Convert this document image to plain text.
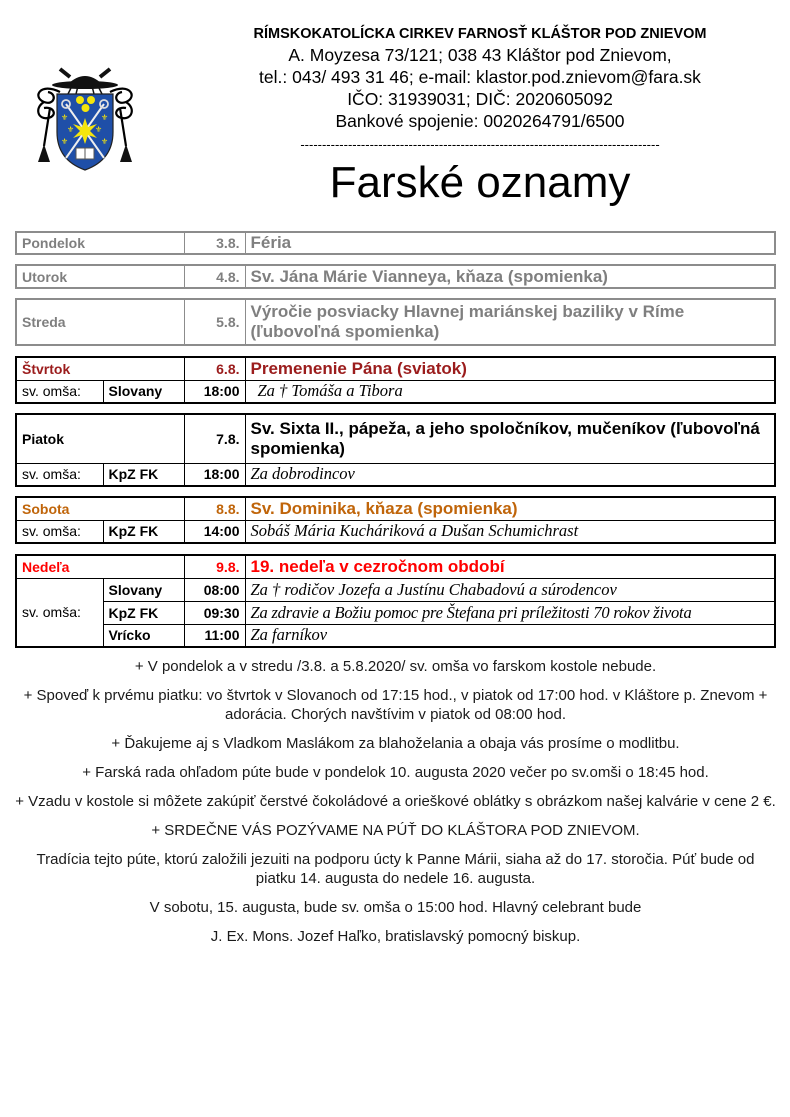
⚜
⚜
⚜
⚜
⚜
⚜
RÍMSKOKATOLÍCKA CIRKEV FARNOSŤ KLÁŠTOR POD ZNIEVOM
A. Moyzesa 73/121; 038 43 Kláštor pod Znievom,
tel.: 043/ 493 31 46; e-mail: klastor.pod.znievom@fara.sk
IČO: 31939031; DIČ: 2020605092
Bankové spojenie: 0020264791/6500
-----------------------------------------------------------------------------------
Farské oznamy
Pondelok	3.8.	Féria
Utorok	4.8.	Sv. Jána Márie Vianneya, kňaza (spomienka)
Streda	5.8.	Výročie posviacky Hlavnej mariánskej baziliky v Ríme (ľubovoľná spomienka)
Štvrtok		6.8.	Premenenie Pána (sviatok)
sv. omša:	Slovany	18:00	Za † Tomáša a Tibora
Piatok		7.8.	Sv. Sixta II., pápeža, a jeho spoločníkov, mučeníkov (ľubovoľná spomienka)
sv. omša:	KpZ FK	18:00	Za dobrodincov
Sobota		8.8.	Sv. Dominika, kňaza (spomienka)
sv. omša:	KpZ FK	14:00	Sobáš Mária Kucháriková a Dušan Schumichrast
Nedeľa		9.8.	19. nedeľa v cezročnom období
sv. omša:	Slovany	08:00	Za † rodičov Jozefa a Justínu Chabadovú a súrodencov
	KpZ FK	09:30	Za zdravie a Božiu pomoc pre Štefana pri príležitosti 70 rokov života
	Vrícko	11:00	Za farníkov

+ V pondelok a v stredu /3.8. a 5.8.2020/ sv. omša vo farskom kostole nebude.

+ Spoveď k prvému piatku: vo štvrtok v Slovanoch od 17:15 hod., v piatok od 17:00 hod. v Kláštore p. Znevom + adorácia. Chorých navštívim v piatok od 08:00 hod.

+ Ďakujeme aj s Vladkom Maslákom za blahoželania a obaja vás prosíme o modlitbu.

+ Farská rada ohľadom púte bude v pondelok 10. augusta 2020 večer po sv.omši o 18:45 hod.

+ Vzadu v kostole si môžete zakúpiť čerstvé čokoládové a orieškové oblátky s obrázkom našej kalvárie v cene 2 €.

+ SRDEČNE VÁS POZÝVAME NA PÚŤ DO KLÁŠTORA POD ZNIEVOM.

Tradícia tejto púte, ktorú založili jezuiti na podporu úcty k Panne Márii, siaha až do 17. storočia. Púť bude od piatku 14. augusta do nedele 16. augusta.

V sobotu, 15. augusta, bude sv. omša o 15:00 hod. Hlavný celebrant bude

J. Ex. Mons. Jozef Haľko, bratislavský pomocný biskup.
